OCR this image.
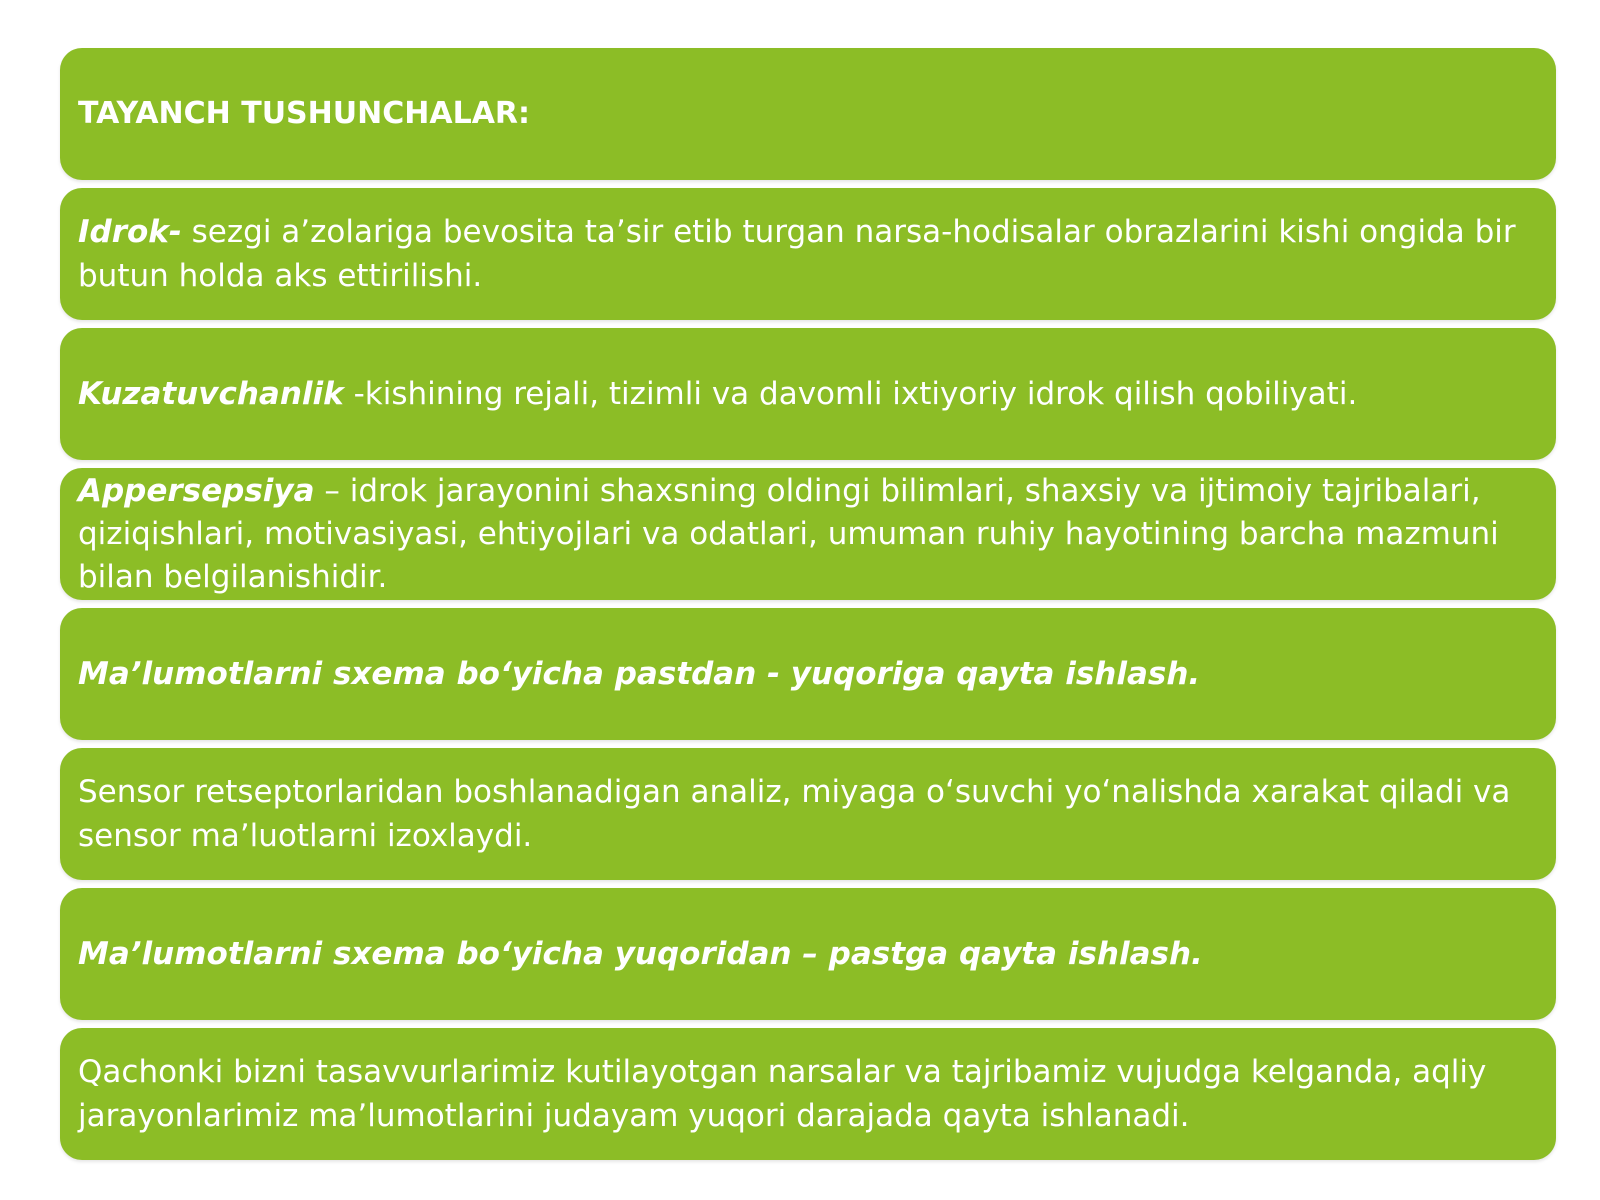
TAYANCH TUSHUNCHALAR:
Idrok- sezgi a’zolariga bevosita ta’sir etib turgan narsa-hodisalar obrazlarini kishi ongida bir butun holda aks ettirilishi.
Kuzatuvchanlik -kishining rejali, tizimli va davomli ixtiyoriy idrok qilish qobiliyati.
Appersepsiya – idrok jarayonini shaxsning oldingi bilimlari, shaxsiy va ijtimoiy tajribalari, qiziqishlari, motivasiyasi, ehtiyojlari va odatlari, umuman ruhiy hayotining barcha mazmuni bilan belgilanishidir.
Ma’lumotlarni sxema bo‘yicha pastdan - yuqoriga qayta ishlash.
Sensor retseptorlaridan boshlanadigan analiz, miyaga o‘suvchi yo‘nalishda xarakat qiladi va sensor ma’luotlarni izoxlaydi.
Ma’lumotlarni sxema bo‘yicha yuqoridan – pastga qayta ishlash.
Qachonki bizni tasavvurlarimiz kutilayotgan narsalar va tajribamiz vujudga kelganda, aqliy jarayonlarimiz ma’lumotlarini judayam yuqori darajada qayta ishlanadi.
